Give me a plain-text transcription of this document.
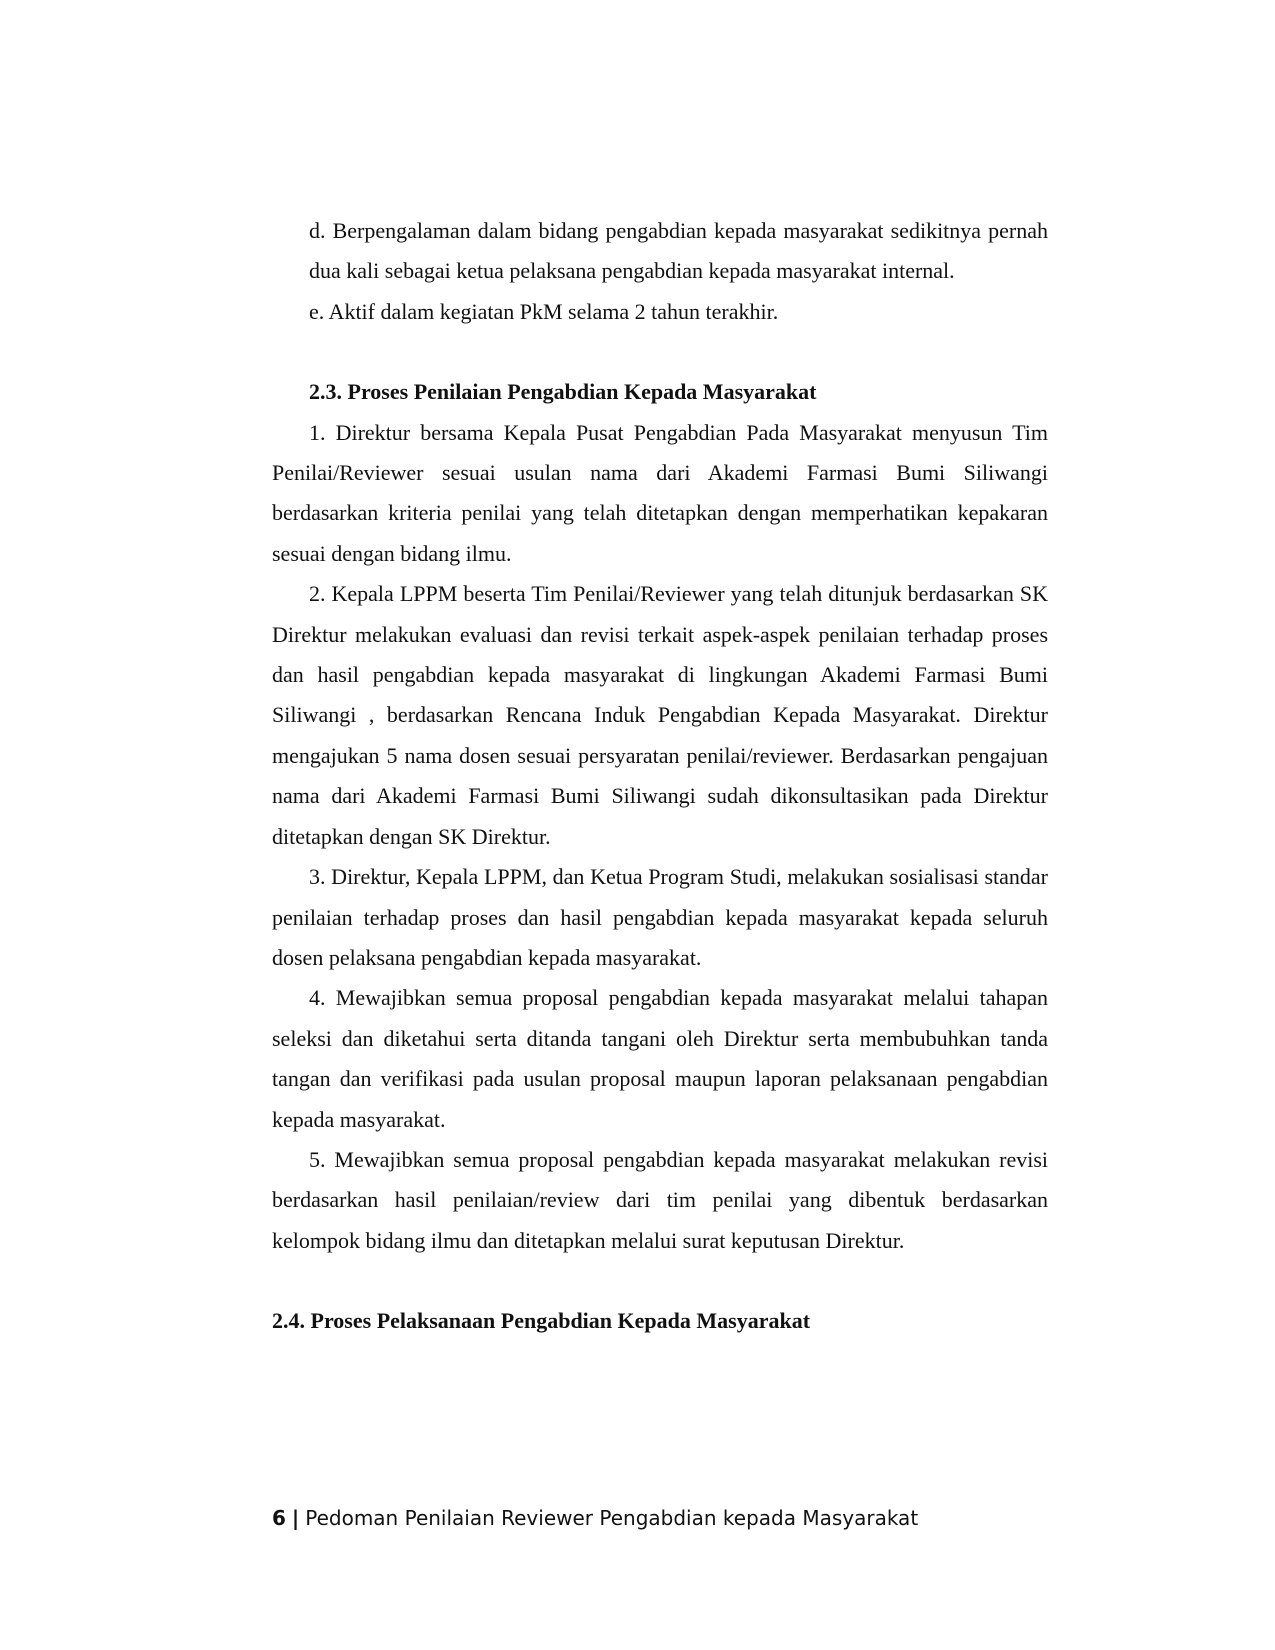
d. Berpengalaman dalam bidang pengabdian kepada masyarakat sedikitnya pernah dua kali sebagai ketua pelaksana pengabdian kepada masyarakat internal.

e. Aktif dalam kegiatan PkM selama 2 tahun terakhir.

2.3. Proses Penilaian Pengabdian Kepada Masyarakat

1. Direktur bersama Kepala Pusat Pengabdian Pada Masyarakat menyusun Tim Penilai/Reviewer sesuai usulan nama dari Akademi Farmasi Bumi Siliwangi berdasarkan kriteria penilai yang telah ditetapkan dengan memperhatikan kepakaran sesuai dengan bidang ilmu.

2. Kepala LPPM beserta Tim Penilai/Reviewer yang telah ditunjuk berdasarkan SK Direktur melakukan evaluasi dan revisi terkait aspek-aspek penilaian terhadap proses dan hasil pengabdian kepada masyarakat di lingkungan Akademi Farmasi Bumi Siliwangi , berdasarkan Rencana Induk Pengabdian Kepada Masyarakat. Direktur mengajukan 5 nama dosen sesuai persyaratan penilai/reviewer. Berdasarkan pengajuan nama dari Akademi Farmasi Bumi Siliwangi sudah dikonsultasikan pada Direktur ditetapkan dengan SK Direktur.

3. Direktur, Kepala LPPM, dan Ketua Program Studi, melakukan sosialisasi standar penilaian terhadap proses dan hasil pengabdian kepada masyarakat kepada seluruh dosen pelaksana pengabdian kepada masyarakat.

4. Mewajibkan semua proposal pengabdian kepada masyarakat melalui tahapan seleksi dan diketahui serta ditanda tangani oleh Direktur serta membubuhkan tanda tangan dan verifikasi pada usulan proposal maupun laporan pelaksanaan pengabdian kepada masyarakat.

5. Mewajibkan semua proposal pengabdian kepada masyarakat melakukan revisi berdasarkan hasil penilaian/review dari tim penilai yang dibentuk berdasarkan kelompok bidang ilmu dan ditetapkan melalui surat keputusan Direktur.

2.4. Proses Pelaksanaan Pengabdian Kepada Masyarakat

6 | Pedoman Penilaian Reviewer Pengabdian kepada Masyarakat
